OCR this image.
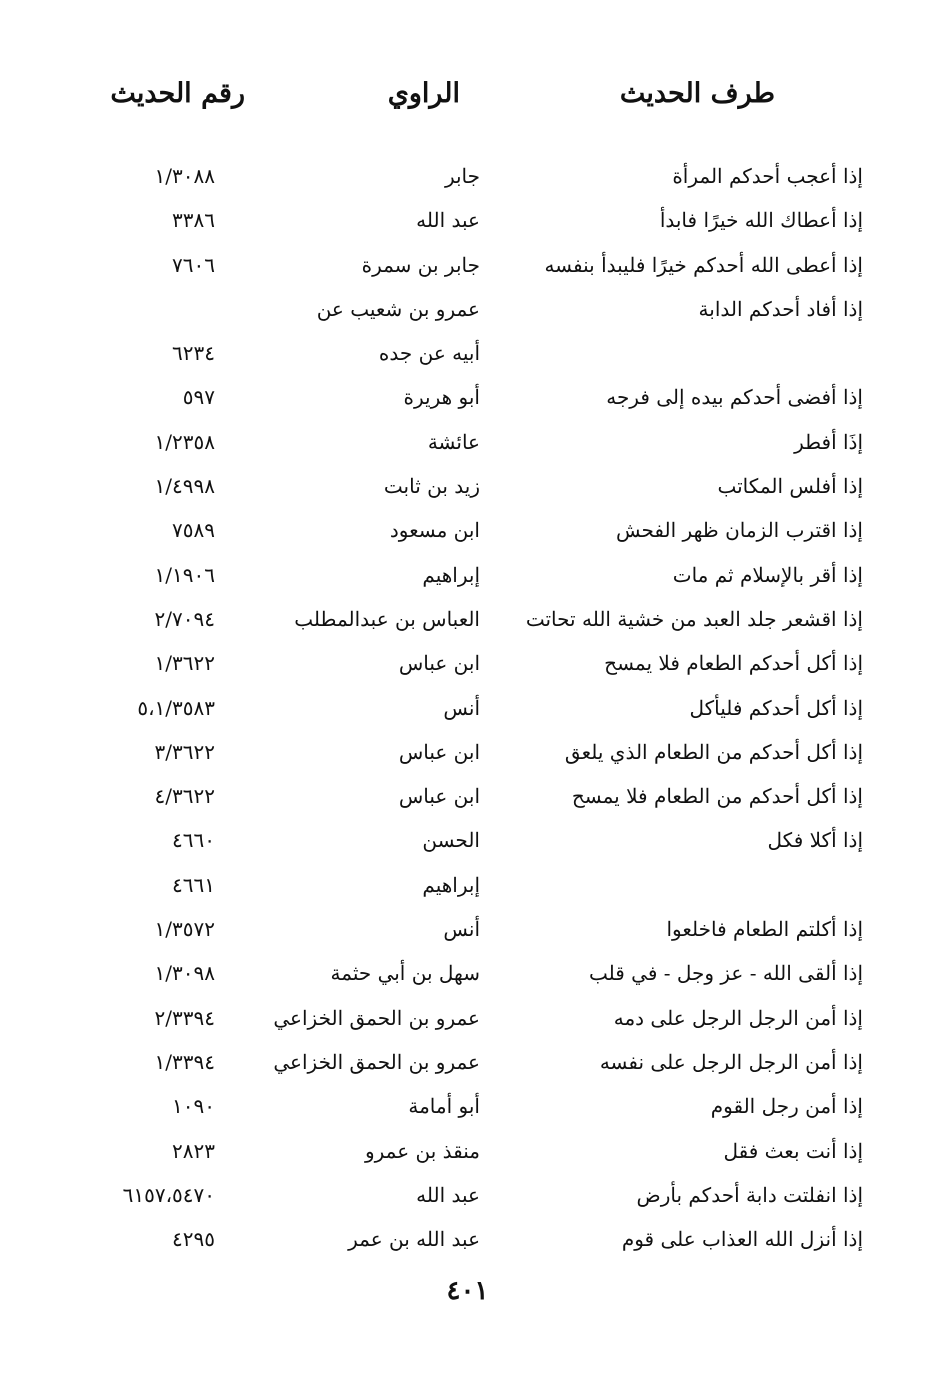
طرف الحديث
الراوي
رقم الحديث
إذا أعجب أحدكم المرأة
جابر
١/٣٠٨٨
إذا أعطاك الله خيرًا فابدأ
عبد الله
٣٣٨٦
إذا أعطى الله أحدكم خيرًا فليبدأ بنفسه
جابر بن سمرة
٧٦٠٦
إذا أفاد أحدكم الدابة
عمرو بن شعيب عن
أبيه عن جده
٦٢٣٤
إذا أفضى أحدكم بيده إلى فرجه
أبو هريرة
٥٩٧
إذَا أفطر
عائشة
١/٢٣٥٨
إذا أفلس المكاتب
زيد بن ثابت
١/٤٩٩٨
إذا اقترب الزمان ظهر الفحش
ابن مسعود
٧٥٨٩
إذا أقر بالإسلام ثم مات
إبراهيم
١/١٩٠٦
إذا اقشعر جلد العبد من خشية الله تحاتت
العباس بن عبدالمطلب
٢/٧٠٩٤
إذا أكل أحدكم الطعام فلا يمسح
ابن عباس
١/٣٦٢٢
إذا أكل أحدكم فليأكل
أنس
٥،١/٣٥٨٣
إذا أكل أحدكم من الطعام الذي يلعق
ابن عباس
٣/٣٦٢٢
إذا أكل أحدكم من الطعام فلا يمسح
ابن عباس
٤/٣٦٢٢
إذا أكلا فكل
الحسن
٤٦٦٠
إبراهيم
٤٦٦١
إذا أكلتم الطعام فاخلعوا
أنس
١/٣٥٧٢
إذا ألقى الله - عز وجل - في قلب
سهل بن أبي حثمة
١/٣٠٩٨
إذا أمن الرجل الرجل على دمه
عمرو بن الحمق الخزاعي
٢/٣٣٩٤
إذا أمن الرجل الرجل على نفسه
عمرو بن الحمق الخزاعي
١/٣٣٩٤
إذا أمن رجل القوم
أبو أمامة
١٠٩٠
إذا أنت بعث فقل
منقذ بن عمرو
٢٨٢٣
إذا انفلتت دابة أحدكم بأرض
عبد الله
٦١٥٧،٥٤٧٠
إذا أنزل الله العذاب على قوم
عبد الله بن عمر
٤٢٩٥
٤٠١
